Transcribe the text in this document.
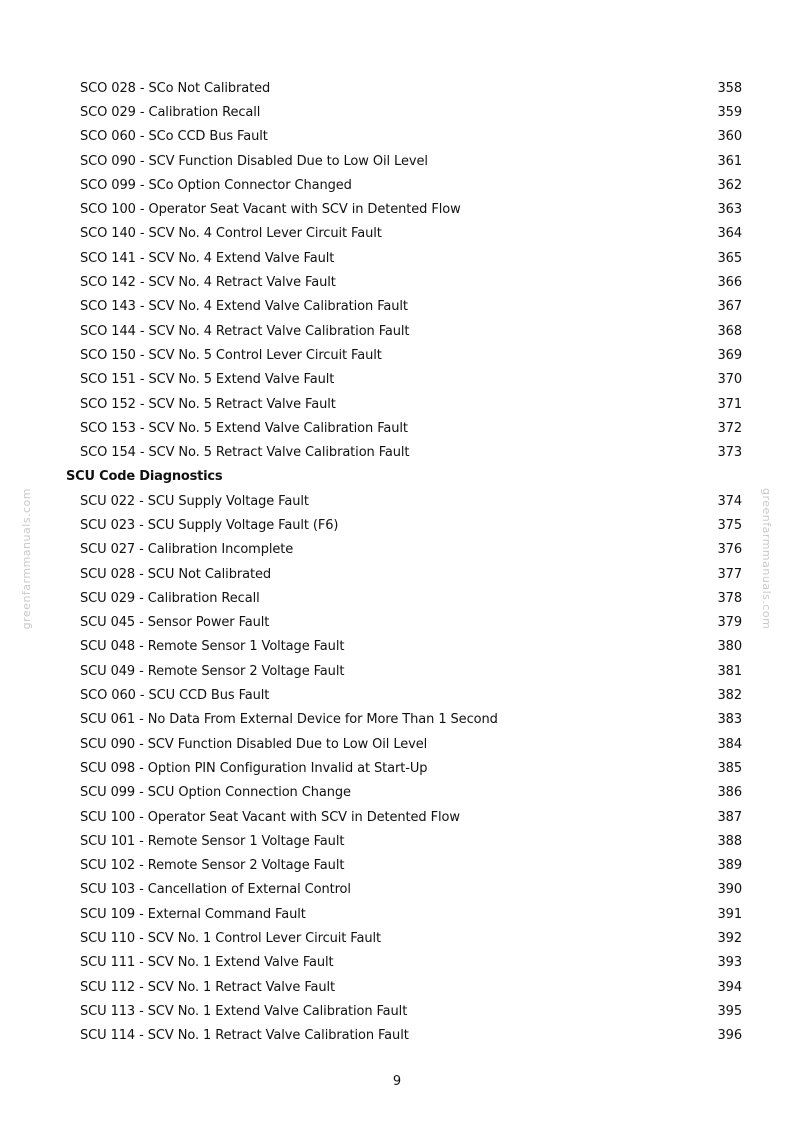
greenfarmmanuals.com	greenfarmmanuals.com
SCO 028 - SCo Not Calibrated	358
SCO 029 - Calibration Recall	359
SCO 060 - SCo CCD Bus Fault	360
SCO 090 - SCV Function Disabled Due to Low Oil Level	361
SCO 099 - SCo Option Connector Changed	362
SCO 100 - Operator Seat Vacant with SCV in Detented Flow	363
SCO 140 - SCV No. 4 Control Lever Circuit Fault	364
SCO 141 - SCV No. 4 Extend Valve Fault	365
SCO 142 - SCV No. 4 Retract Valve Fault	366
SCO 143 - SCV No. 4 Extend Valve Calibration Fault	367
SCO 144 - SCV No. 4 Retract Valve Calibration Fault	368
SCO 150 - SCV No. 5 Control Lever Circuit Fault	369
SCO 151 - SCV No. 5 Extend Valve Fault	370
SCO 152 - SCV No. 5 Retract Valve Fault	371
SCO 153 - SCV No. 5 Extend Valve Calibration Fault	372
SCO 154 - SCV No. 5 Retract Valve Calibration Fault	373
SCU Code Diagnostics
SCU 022 - SCU Supply Voltage Fault	374
SCU 023 - SCU Supply Voltage Fault (F6)	375
SCU 027 - Calibration Incomplete	376
SCU 028 - SCU Not Calibrated	377
SCU 029 - Calibration Recall	378
SCU 045 - Sensor Power Fault	379
SCU 048 - Remote Sensor 1 Voltage Fault	380
SCU 049 - Remote Sensor 2 Voltage Fault	381
SCO 060 - SCU CCD Bus Fault	382
SCU 061 - No Data From External Device for More Than 1 Second	383
SCU 090 - SCV Function Disabled Due to Low Oil Level	384
SCU 098 - Option PIN Configuration Invalid at Start-Up	385
SCU 099 - SCU Option Connection Change	386
SCU 100 - Operator Seat Vacant with SCV in Detented Flow	387
SCU 101 - Remote Sensor 1 Voltage Fault	388
SCU 102 - Remote Sensor 2 Voltage Fault	389
SCU 103 - Cancellation of External Control	390
SCU 109 - External Command Fault	391
SCU 110 - SCV No. 1 Control Lever Circuit Fault	392
SCU 111 - SCV No. 1 Extend Valve Fault	393
SCU 112 - SCV No. 1 Retract Valve Fault	394
SCU 113 - SCV No. 1 Extend Valve Calibration Fault	395
SCU 114 - SCV No. 1 Retract Valve Calibration Fault	396
9
